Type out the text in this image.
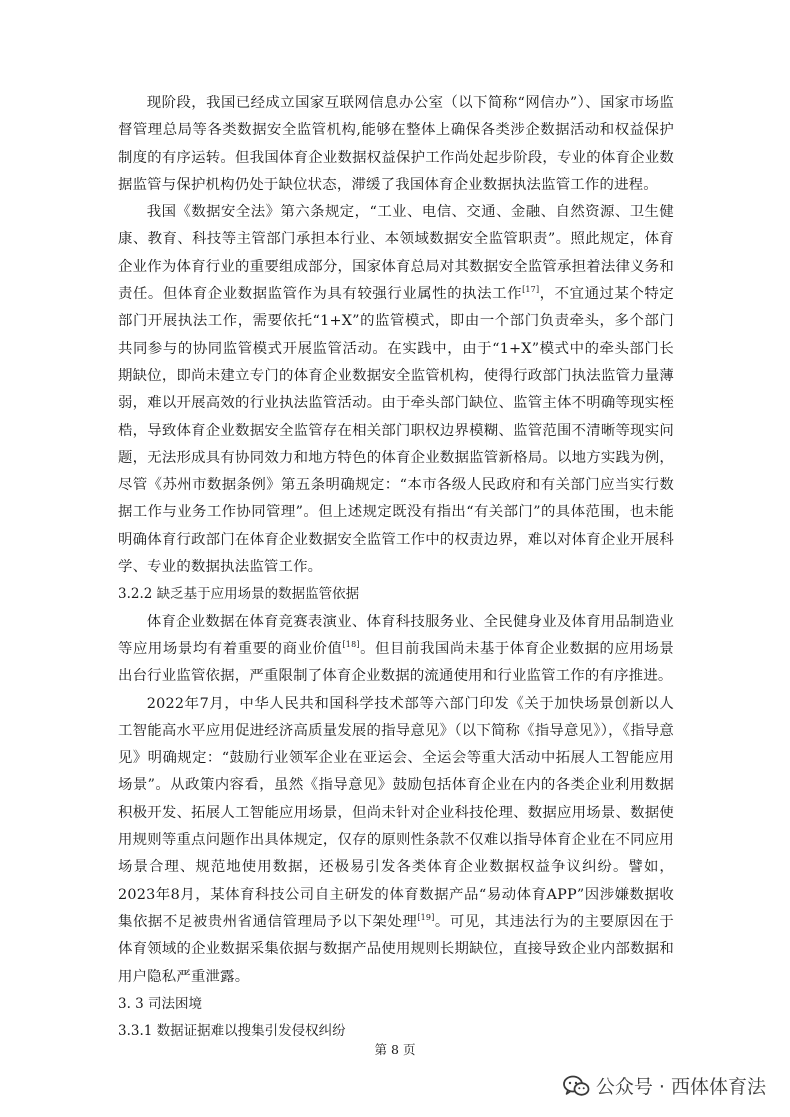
现阶段，我国已经成立国家互联网信息办公室（以下简称“网信办”）、国家市场监督管理总局等各类数据安全监管机构,能够在整体上确保各类涉企数据活动和权益保护制度的有序运转。但我国体育企业数据权益保护工作尚处起步阶段，专业的体育企业数据监管与保护机构仍处于缺位状态，滞缓了我国体育企业数据执法监管工作的进程。

我国《数据安全法》第六条规定，“工业、电信、交通、金融、自然资源、卫生健康、教育、科技等主管部门承担本行业、本领域数据安全监管职责”。照此规定，体育企业作为体育行业的重要组成部分，国家体育总局对其数据安全监管承担着法律义务和责任。但体育企业数据监管作为具有较强行业属性的执法工作[17]，不宜通过某个特定部门开展执法工作，需要依托“1+X”的监管模式，即由一个部门负责牵头，多个部门共同参与的协同监管模式开展监管活动。在实践中，由于“1+X”模式中的牵头部门长期缺位，即尚未建立专门的体育企业数据安全监管机构，使得行政部门执法监管力量薄弱，难以开展高效的行业执法监管活动。由于牵头部门缺位、监管主体不明确等现实桎梏，导致体育企业数据安全监管存在相关部门职权边界模糊、监管范围不清晰等现实问题，无法形成具有协同效力和地方特色的体育企业数据监管新格局。以地方实践为例，尽管《苏州市数据条例》第五条明确规定：“本市各级人民政府和有关部门应当实行数据工作与业务工作协同管理”。但上述规定既没有指出“有关部门”的具体范围，也未能明确体育行政部门在体育企业数据安全监管工作中的权责边界，难以对体育企业开展科学、专业的数据执法监管工作。

3.2.2 缺乏基于应用场景的数据监管依据

体育企业数据在体育竞赛表演业、体育科技服务业、全民健身业及体育用品制造业等应用场景均有着重要的商业价值[18]。但目前我国尚未基于体育企业数据的应用场景出台行业监管依据，严重限制了体育企业数据的流通使用和行业监管工作的有序推进。

2022年7月，中华人民共和国科学技术部等六部门印发《关于加快场景创新以人工智能高水平应用促进经济高质量发展的指导意见》（以下简称《指导意见》），《指导意见》明确规定：“鼓励行业领军企业在亚运会、全运会等重大活动中拓展人工智能应用场景”。从政策内容看，虽然《指导意见》鼓励包括体育企业在内的各类企业利用数据积极开发、拓展人工智能应用场景，但尚未针对企业科技伦理、数据应用场景、数据使用规则等重点问题作出具体规定，仅存的原则性条款不仅难以指导体育企业在不同应用场景合理、规范地使用数据，还极易引发各类体育企业数据权益争议纠纷。譬如，2023年8月，某体育科技公司自主研发的体育数据产品“易动体育APP”因涉嫌数据收集依据不足被贵州省通信管理局予以下架处理[19]。可见，其违法行为的主要原因在于体育领域的企业数据采集依据与数据产品使用规则长期缺位，直接导致企业内部数据和用户隐私严重泄露。

3. 3 司法困境

3.3.1 数据证据难以搜集引发侵权纠纷

第 8 页
公众号 · 西体体育法
